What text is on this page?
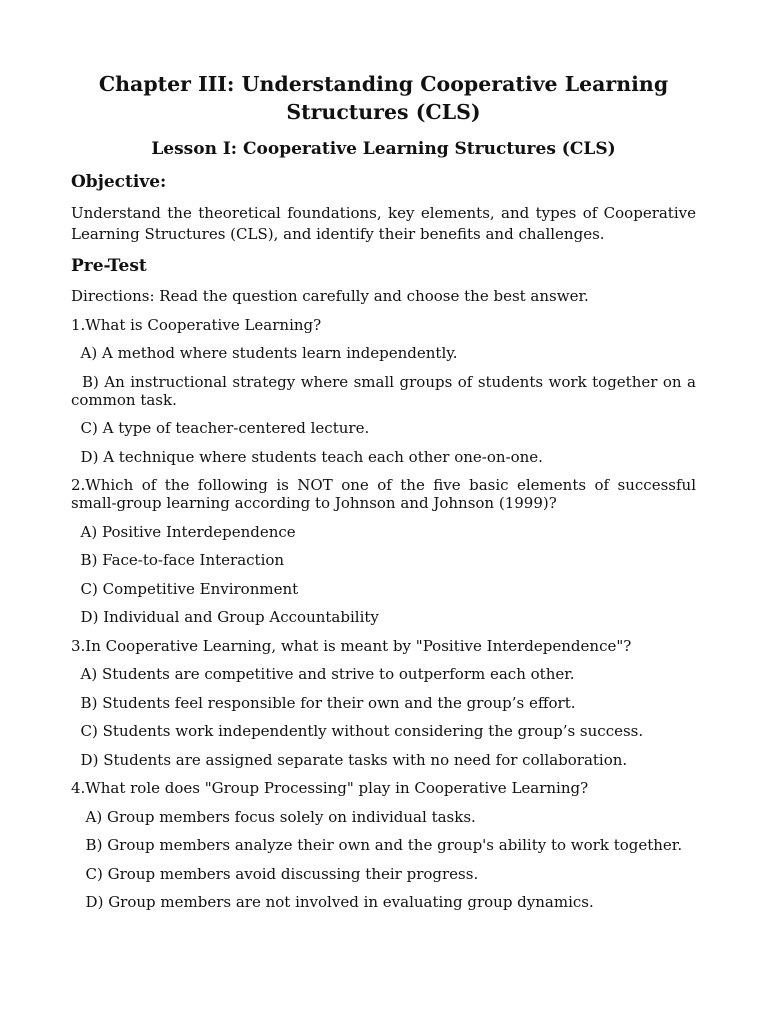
Chapter III: Understanding Cooperative Learning Structures (CLS)
Lesson I: Cooperative Learning Structures (CLS)
Objective:

Understand the theoretical foundations, key elements, and types of Cooperative Learning Structures (CLS), and identify their benefits and challenges.

Pre-Test

Directions: Read the question carefully and choose the best answer.

1.What is Cooperative Learning?

A) A method where students learn independently.

B) An instructional strategy where small groups of students work together on a common task.

C) A type of teacher-centered lecture.

D) A technique where students teach each other one-on-one.

2.Which of the following is NOT one of the five basic elements of successful small-group learning according to Johnson and Johnson (1999)?

A) Positive Interdependence

B) Face-to-face Interaction

C) Competitive Environment

D) Individual and Group Accountability

3.In Cooperative Learning, what is meant by "Positive Interdependence"?

A) Students are competitive and strive to outperform each other.

B) Students feel responsible for their own and the group’s effort.

C) Students work independently without considering the group’s success.

D) Students are assigned separate tasks with no need for collaboration.

4.What role does "Group Processing" play in Cooperative Learning?

A) Group members focus solely on individual tasks.

B) Group members analyze their own and the group's ability to work together.

C) Group members avoid discussing their progress.

D) Group members are not involved in evaluating group dynamics.
